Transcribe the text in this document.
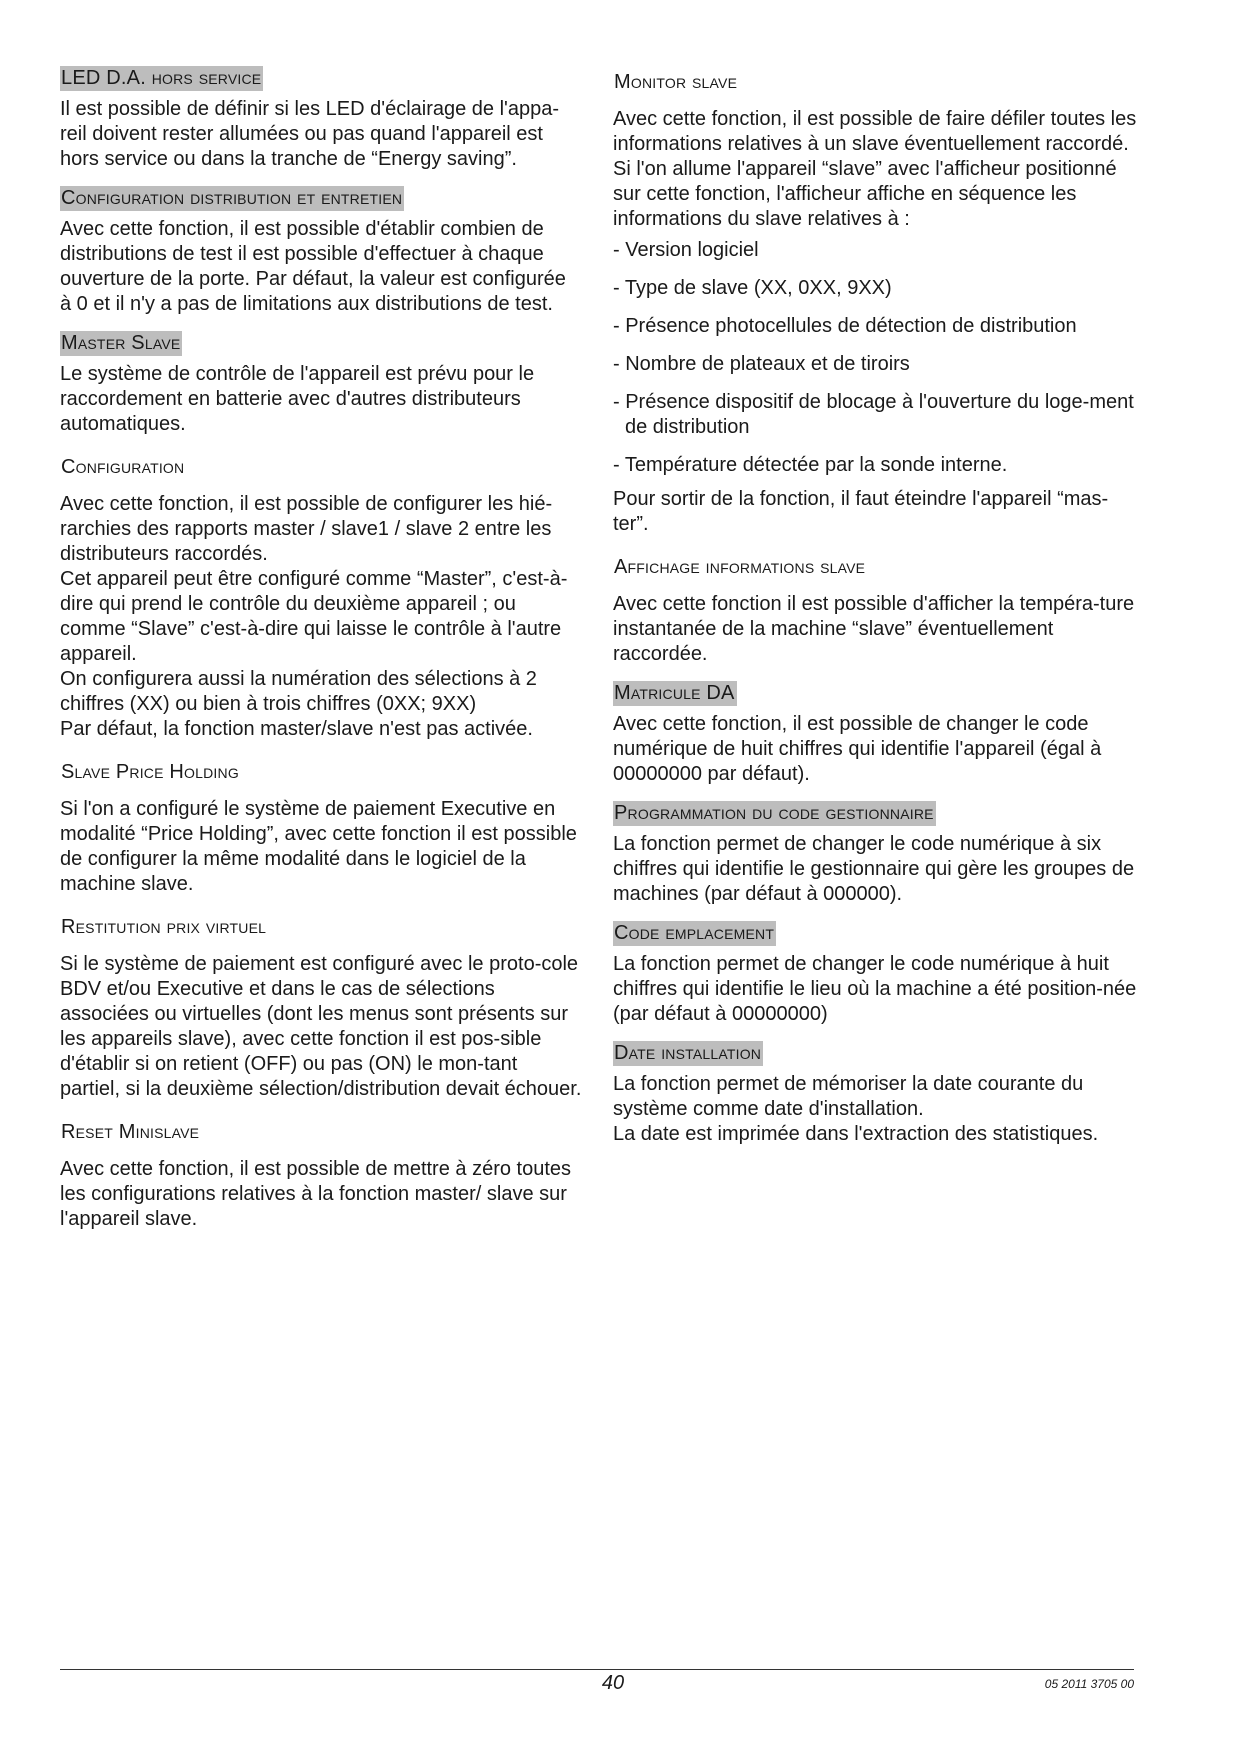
LED D.A. hors service

Il est possible de définir si les LED d'éclairage de l'appa-reil doivent rester allumées ou pas quand l'appareil est hors service ou dans la tranche de “Energy saving”.

Configuration distribution et entretien

Avec cette fonction, il est possible d'établir combien de distributions de test il est possible d'effectuer à chaque ouverture de la porte. Par défaut, la valeur est configurée à 0 et il n'y a pas de limitations aux distributions de test.

Master Slave

Le système de contrôle de l'appareil est prévu pour le raccordement en batterie avec d'autres distributeurs automatiques.

Configuration

Avec cette fonction, il est possible de configurer les hié-rarchies des rapports master / slave1 / slave 2 entre les distributeurs raccordés.

Cet appareil peut être configuré comme “Master”, c'est-à-dire qui prend le contrôle du deuxième appareil ; ou comme “Slave” c'est-à-dire qui laisse le contrôle à l'autre appareil.

On configurera aussi la numération des sélections à 2 chiffres (XX) ou bien à trois chiffres (0XX; 9XX)

Par défaut, la fonction master/slave n'est pas activée.

Slave Price Holding

Si l'on a configuré le système de paiement Executive en modalité “Price Holding”, avec cette fonction il est possible de configurer la même modalité dans le logiciel de la machine slave.

Restitution prix virtuel

Si le système de paiement est configuré avec le proto-cole BDV et/ou Executive et dans le cas de sélections associées ou virtuelles (dont les menus sont présents sur les appareils slave), avec cette fonction il est pos-sible d'établir si on retient (OFF) ou pas (ON) le mon-tant partiel, si la deuxième sélection/distribution devait échouer.

Reset Minislave

Avec cette fonction, il est possible de mettre à zéro toutes les configurations relatives à la fonction master/ slave sur l'appareil slave.

Monitor slave

Avec cette fonction, il est possible de faire défiler toutes les informations relatives à un slave éventuellement raccordé.

Si l'on allume l'appareil “slave” avec l'afficheur positionné sur cette fonction, l'afficheur affiche en séquence les informations du slave relatives à :

- Version logiciel
- Type de slave (XX, 0XX, 9XX)
- Présence photocellules de détection de distribution
- Nombre de plateaux et de tiroirs
- Présence dispositif de blocage à l'ouverture du loge-ment de distribution
- Température détectée par la sonde interne.

Pour sortir de la fonction, il faut éteindre l'appareil “mas-ter”.

Affichage informations slave

Avec cette fonction il est possible d'afficher la tempéra-ture instantanée de la machine “slave” éventuellement raccordée.

Matricule DA

Avec cette fonction, il est possible de changer le code numérique de huit chiffres qui identifie l'appareil (égal à 00000000 par défaut).

Programmation du code gestionnaire

La fonction permet de changer le code numérique à six chiffres qui identifie le gestionnaire qui gère les groupes de machines (par défaut à 000000).

Code emplacement

La fonction permet de changer le code numérique à huit chiffres qui identifie le lieu où la machine a été position-née (par défaut à 00000000)

Date installation

La fonction permet de mémoriser la date courante du système comme date d'installation.

La date est imprimée dans l'extraction des statistiques.

40	05 2011 3705 00
